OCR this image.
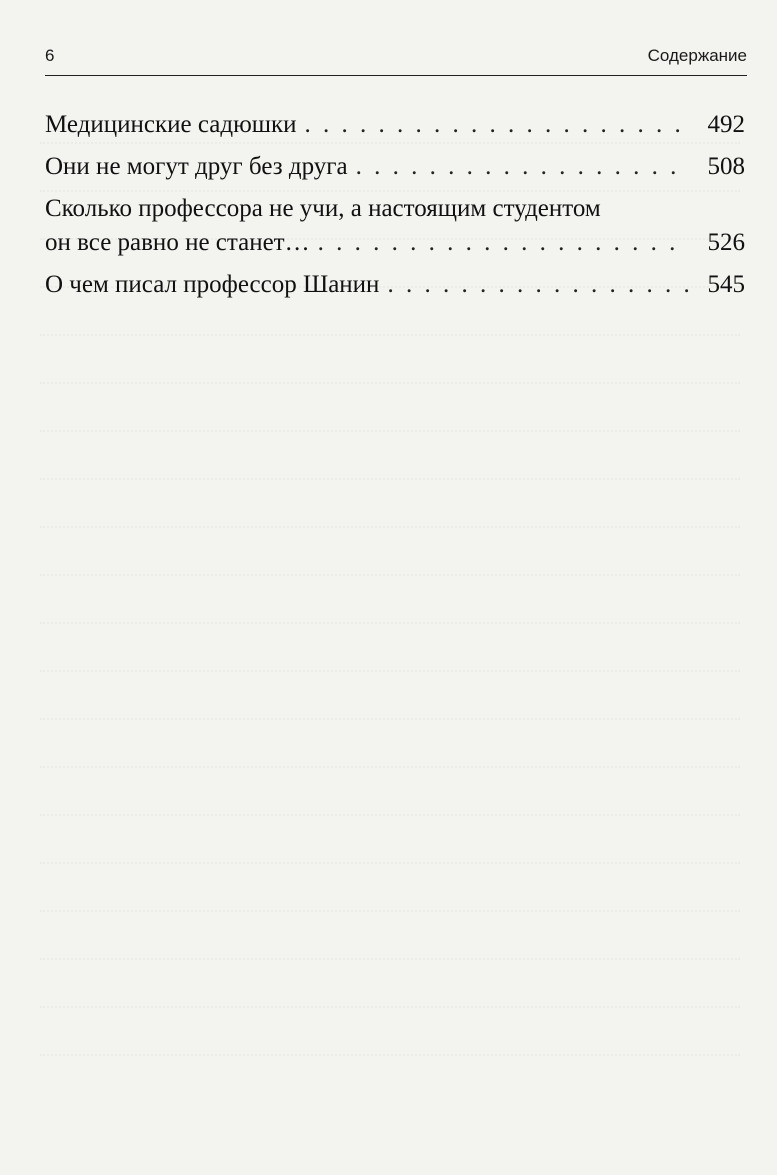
6	Содержание
Медицинские садюшки . . .	492
Они не могут друг без друга . . .	508
Сколько профессора не учи, а настоящим студентом
он все равно не станет… . . .	526
О чем писал профессор Шанин . . .	545
